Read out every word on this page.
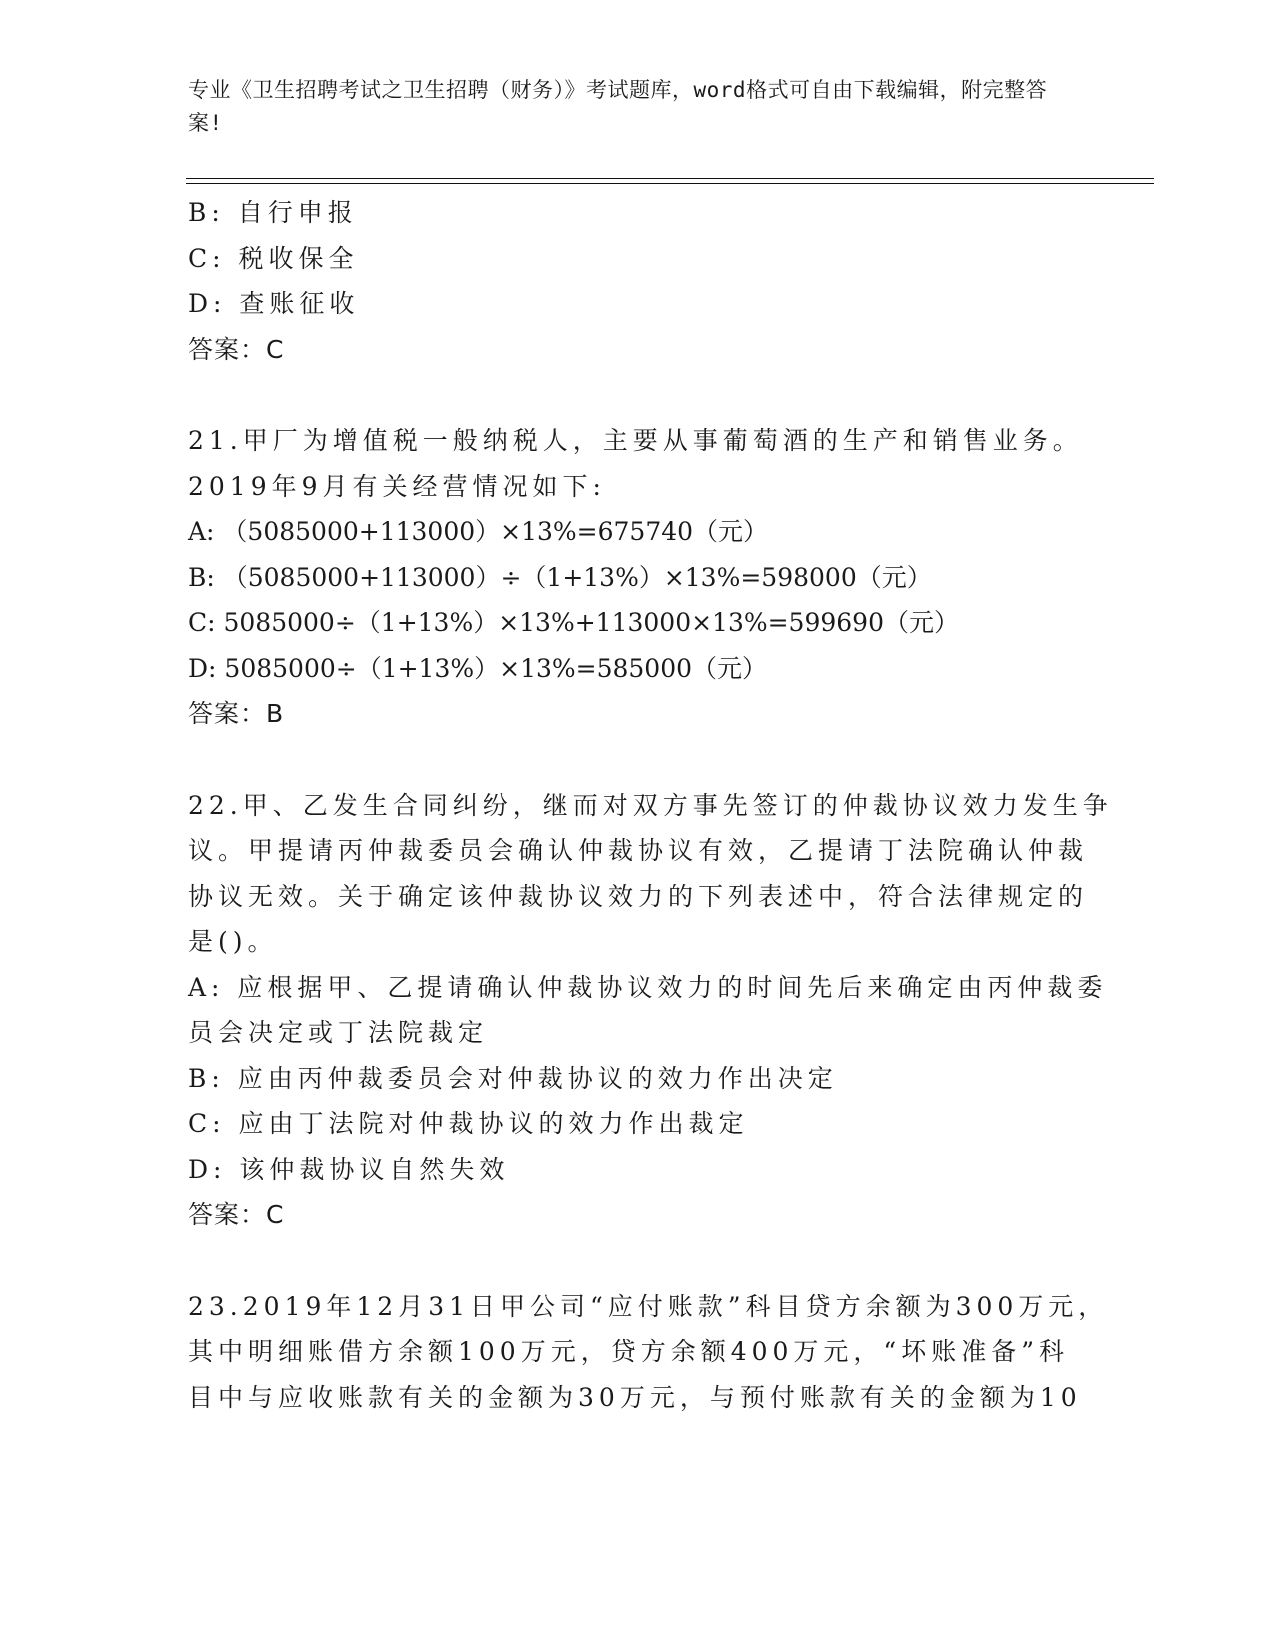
专业《卫生招聘考试之卫生招聘（财务）》考试题库，word格式可自由下载编辑，附完整答案!
B: 自行申报
C: 税收保全
D: 查账征收
答案：C
21.甲厂为增值税一般纳税人，主要从事葡萄酒的生产和销售业务。
2019年9月有关经营情况如下:
A: （5085000+113000）×13%=675740（元）
B: （5085000+113000）÷（1+13%）×13%=598000（元）
C: 5085000÷（1+13%）×13%+113000×13%=599690（元）
D: 5085000÷（1+13%）×13%=585000（元）
答案：B
22.甲、乙发生合同纠纷，继而对双方事先签订的仲裁协议效力发生争
议。甲提请丙仲裁委员会确认仲裁协议有效，乙提请丁法院确认仲裁
协议无效。关于确定该仲裁协议效力的下列表述中，符合法律规定的
是()。
A: 应根据甲、乙提请确认仲裁协议效力的时间先后来确定由丙仲裁委
员会决定或丁法院裁定
B: 应由丙仲裁委员会对仲裁协议的效力作出决定
C: 应由丁法院对仲裁协议的效力作出裁定
D: 该仲裁协议自然失效
答案：C
23.2019年12月31日甲公司“应付账款”科目贷方余额为300万元，
其中明细账借方余额100万元，贷方余额400万元，“坏账准备”科
目中与应收账款有关的金额为30万元，与预付账款有关的金额为10
